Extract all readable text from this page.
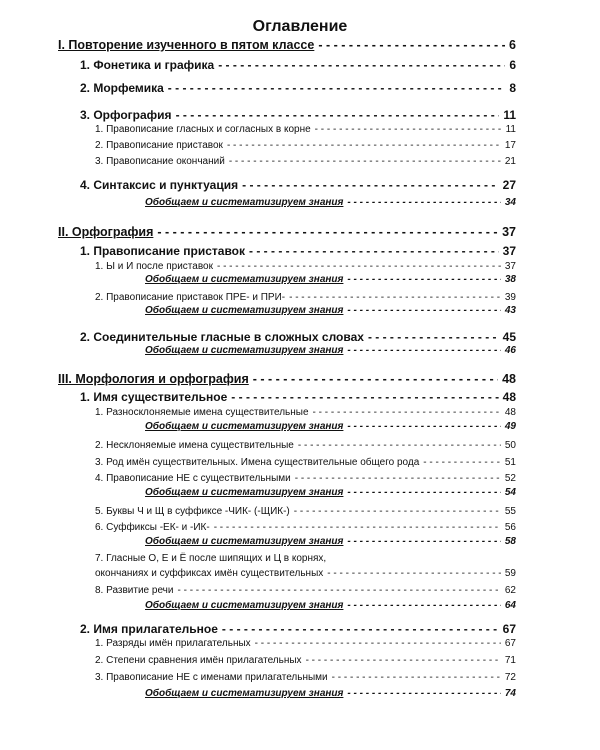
Оглавление
I. Повторение изученного в пятом классе - - -	6
1. Фонетика и графика - - -	6
2. Морфемика - - -	8
3. Орфография - - -	11
1. Правописание гласных и согласных в корне - - -	11
2. Правописание приставок - - -	17
3. Правописание окончаний - - -	21
4. Синтаксис и пунктуация - - -	27
Обобщаем и систематизируем знания - - -	34
II. Орфография - - -	37
1. Правописание приставок - - -	37
1. Ы и И после приставок - - -	37
Обобщаем и систематизируем знания - - -	38
2. Правописание приставок ПРЕ- и ПРИ- - - -	39
Обобщаем и систематизируем знания - - -	43
2. Соединительные гласные в сложных словах - - -	45
Обобщаем и систематизируем знания - - -	46
III. Морфология и орфография - - -	48
1. Имя существительное - - -	48
1. Разносклоняемые имена существительные - - -	48
Обобщаем и систематизируем знания - - -	49
2. Несклоняемые имена существительные - - -	50
3. Род имён существительных. Имена существительные общего рода - - -	51
4. Правописание НЕ с существительными - - -	52
Обобщаем и систематизируем знания - - -	54
5. Буквы Ч и Щ в суффиксе -ЧИК- (-ЩИК-) - - -	55
6. Суффиксы -ЕК- и -ИК- - - -	56
Обобщаем и систематизируем знания - - -	58
7. Гласные О, Е и Ё после шипящих и Ц в корнях,
окончаниях и суффиксах имён существительных - - -	59
8. Развитие речи - - -	62
Обобщаем и систематизируем знания - - -	64
2. Имя прилагательное - - -	67
1. Разряды имён прилагательных - - -	67
2. Степени сравнения имён прилагательных - - -	71
3. Правописание НЕ с именами прилагательными - - -	72
Обобщаем и систематизируем знания - - -	74
